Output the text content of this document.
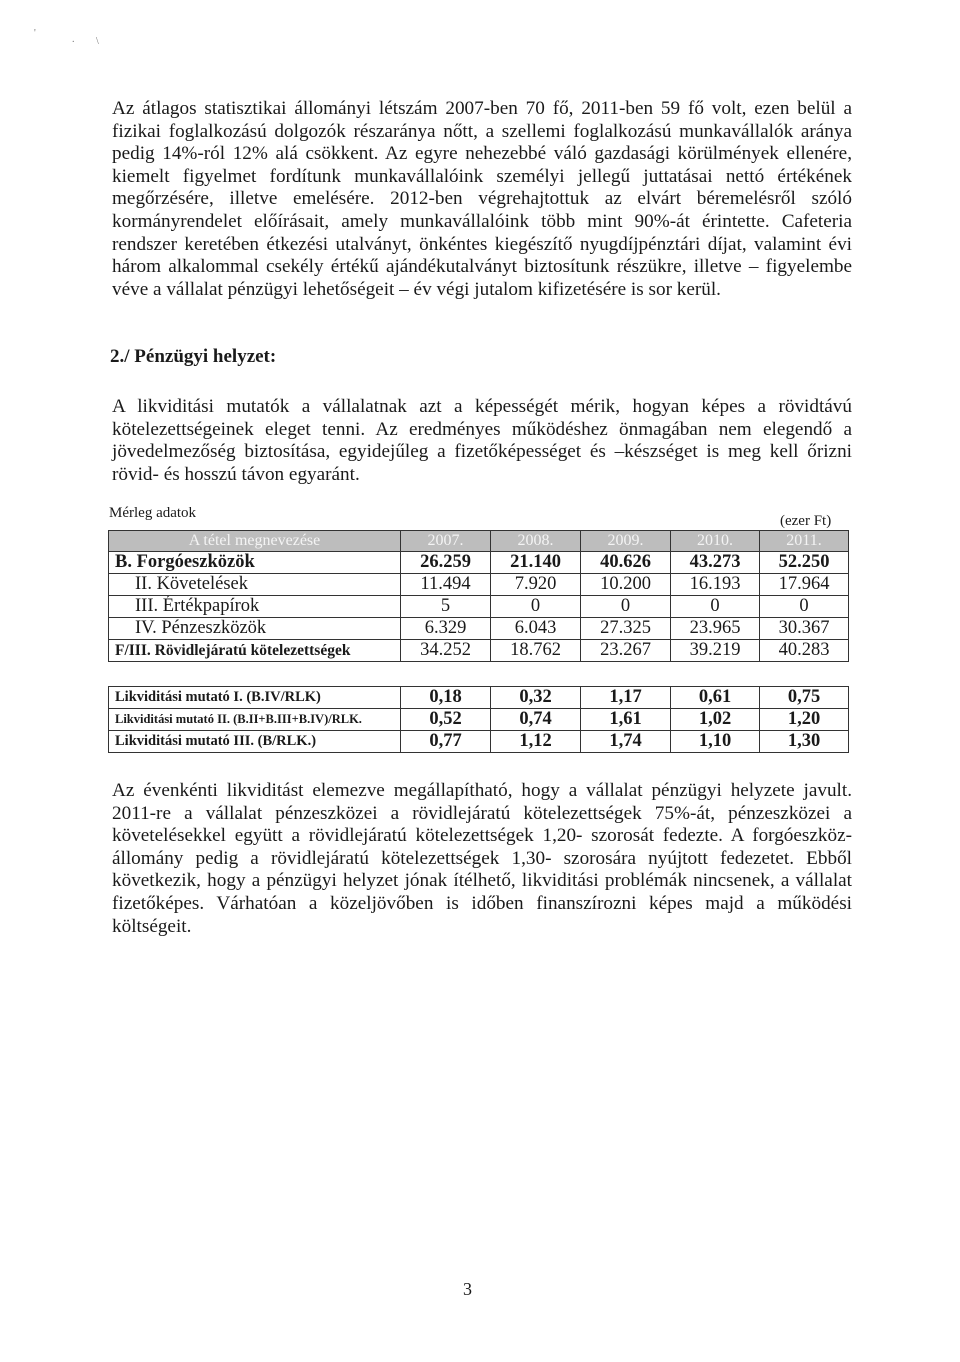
'
. \

Az átlagos statisztikai állományi létszám 2007-ben 70 fő, 2011-ben 59 fő volt, ezen belül a fizikai foglalkozású dolgozók részaránya nőtt, a szellemi foglalkozású munkavállalók aránya pedig 14%-ról 12% alá csökkent. Az egyre nehezebbé váló gazdasági körülmények ellenére, kiemelt figyelmet fordítunk munkavállalóink személyi jellegű juttatásai nettó értékének megőrzésére, illetve emelésére. 2012-ben végrehajtottuk az elvárt béremelésről szóló kormányrendelet előírásait, amely munkavállalóink több mint 90%-át érintette. Cafeteria rendszer keretében étkezési utalványt, önkéntes kiegészítő nyugdíjpénztári díjat, valamint évi három alkalommal csekély értékű ajándékutalványt biztosítunk részükre, illetve – figyelembe véve a vállalat pénzügyi lehetőségeit – év végi jutalom kifizetésére is sor kerül.

2./ Pénzügyi helyzet:

A likviditási mutatók a vállalatnak azt a képességét mérik, hogyan képes a rövidtávú kötelezettségeinek eleget tenni. Az eredményes működéshez önmagában nem elegendő a jövedelmezőség biztosítása, egyidejűleg a fizetőképességet és –készséget is meg kell őrizni rövid- és hosszú távon egyaránt.

Mérleg adatok	(ezer Ft)
A tétel megnevezése	2007.	2008.	2009.	2010.	2011.
B. Forgóeszközök	26.259	21.140	40.626	43.273	52.250
II. Követelések	11.494	7.920	10.200	16.193	17.964
III. Értékpapírok	5	0	0	0	0
IV. Pénzeszközök	6.329	6.043	27.325	23.965	30.367
F/III. Rövidlejáratú kötelezettségek	34.252	18.762	23.267	39.219	40.283
Likviditási mutató I. (B.IV/RLK)	0,18	0,32	1,17	0,61	0,75
Likviditási mutató II. (B.II+B.III+B.IV)/RLK.	0,52	0,74	1,61	1,02	1,20
Likviditási mutató III. (B/RLK.)	0,77	1,12	1,74	1,10	1,30

Az évenkénti likviditást elemezve megállapítható, hogy a vállalat pénzügyi helyzete javult. 2011-re a vállalat pénzeszközei a rövidlejáratú kötelezettségek 75%-át, pénzeszközei a követelésekkel együtt a rövidlejáratú kötelezettségek 1,20- szorosát fedezte. A forgóeszköz-állomány pedig a rövidlejáratú kötelezettségek 1,30- szorosára nyújtott fedezetet. Ebből következik, hogy a pénzügyi helyzet jónak ítélhető, likviditási problémák nincsenek, a vállalat fizetőképes. Várhatóan a közeljövőben is időben finanszírozni képes majd a működési költségeit.

3
